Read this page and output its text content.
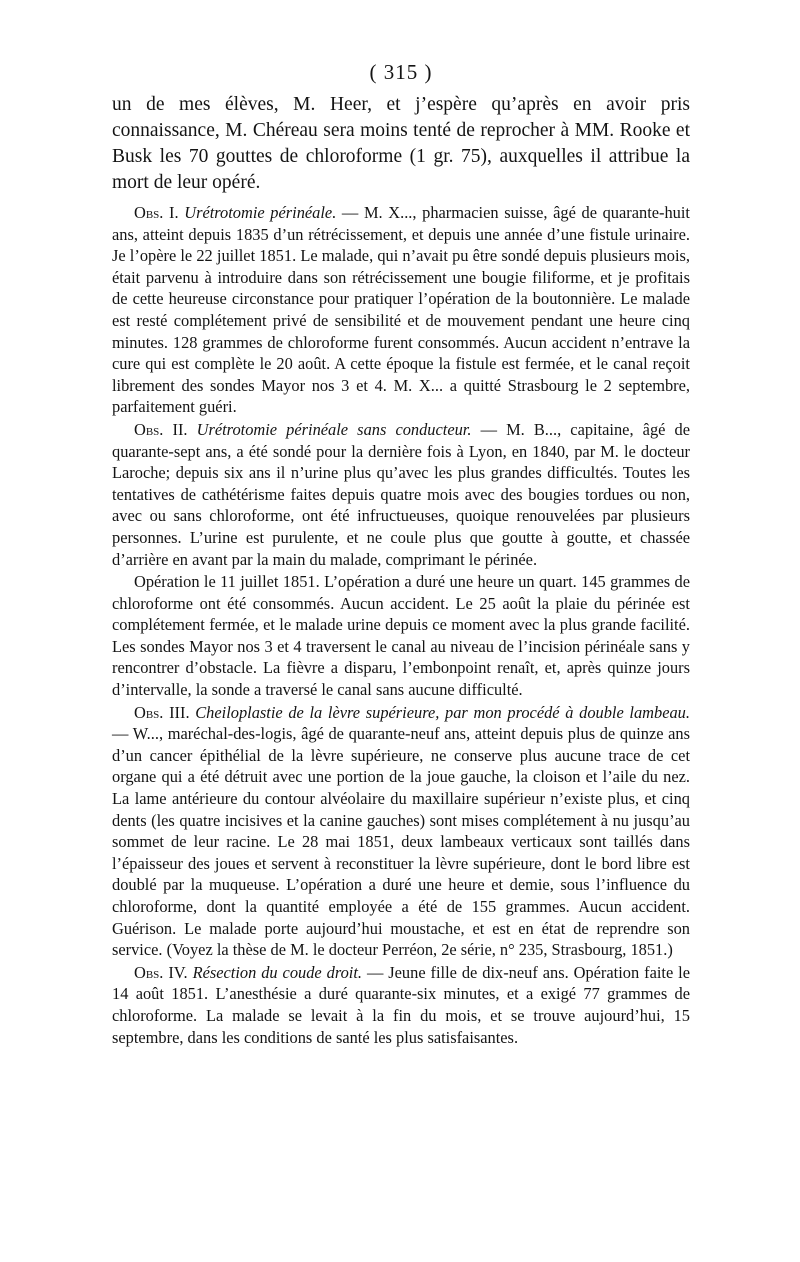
( 315 )

un de mes élèves, M. Heer, et j’espère qu’après en avoir pris connaissance, M. Chéreau sera moins tenté de reprocher à MM. Rooke et Busk les 70 gouttes de chloroforme (1 gr. 75), auxquelles il attribue la mort de leur opéré.

Obs. I. Urétrotomie périnéale. — M. X..., pharmacien suisse, âgé de quarante-huit ans, atteint depuis 1835 d’un rétrécissement, et depuis une année d’une fistule urinaire. Je l’opère le 22 juillet 1851. Le malade, qui n’avait pu être sondé depuis plusieurs mois, était parvenu à introduire dans son rétrécissement une bougie filiforme, et je profitais de cette heureuse circonstance pour pratiquer l’opération de la boutonnière. Le malade est resté complétement privé de sensibilité et de mouvement pendant une heure cinq minutes. 128 grammes de chloroforme furent consommés. Aucun accident n’entrave la cure qui est complète le 20 août. A cette époque la fistule est fermée, et le canal reçoit librement des sondes Mayor nos 3 et 4. M. X... a quitté Strasbourg le 2 septembre, parfaitement guéri.

Obs. II. Urétrotomie périnéale sans conducteur. — M. B..., capitaine, âgé de quarante-sept ans, a été sondé pour la dernière fois à Lyon, en 1840, par M. le docteur Laroche; depuis six ans il n’urine plus qu’avec les plus grandes difficultés. Toutes les tentatives de cathétérisme faites depuis quatre mois avec des bougies tordues ou non, avec ou sans chloroforme, ont été infructueuses, quoique renouvelées par plusieurs personnes. L’urine est purulente, et ne coule plus que goutte à goutte, et chassée d’arrière en avant par la main du malade, comprimant le périnée.

Opération le 11 juillet 1851. L’opération a duré une heure un quart. 145 grammes de chloroforme ont été consommés. Aucun accident. Le 25 août la plaie du périnée est complétement fermée, et le malade urine depuis ce moment avec la plus grande facilité. Les sondes Mayor nos 3 et 4 traversent le canal au niveau de l’incision périnéale sans y rencontrer d’obstacle. La fièvre a disparu, l’embonpoint renaît, et, après quinze jours d’intervalle, la sonde a traversé le canal sans aucune difficulté.

Obs. III. Cheiloplastie de la lèvre supérieure, par mon procédé à double lambeau. — W..., maréchal-des-logis, âgé de quarante-neuf ans, atteint depuis plus de quinze ans d’un cancer épithélial de la lèvre supérieure, ne conserve plus aucune trace de cet organe qui a été détruit avec une portion de la joue gauche, la cloison et l’aile du nez. La lame antérieure du contour alvéolaire du maxillaire supérieur n’existe plus, et cinq dents (les quatre incisives et la canine gauches) sont mises complétement à nu jusqu’au sommet de leur racine. Le 28 mai 1851, deux lambeaux verticaux sont taillés dans l’épaisseur des joues et servent à reconstituer la lèvre supérieure, dont le bord libre est doublé par la muqueuse. L’opération a duré une heure et demie, sous l’influence du chloroforme, dont la quantité employée a été de 155 grammes. Aucun accident. Guérison. Le malade porte aujourd’hui moustache, et est en état de reprendre son service. (Voyez la thèse de M. le docteur Perréon, 2e série, n° 235, Strasbourg, 1851.)

Obs. IV. Résection du coude droit. — Jeune fille de dix-neuf ans. Opération faite le 14 août 1851. L’anesthésie a duré quarante-six minutes, et a exigé 77 grammes de chloroforme. La malade se levait à la fin du mois, et se trouve aujourd’hui, 15 septembre, dans les conditions de santé les plus satisfaisantes.
